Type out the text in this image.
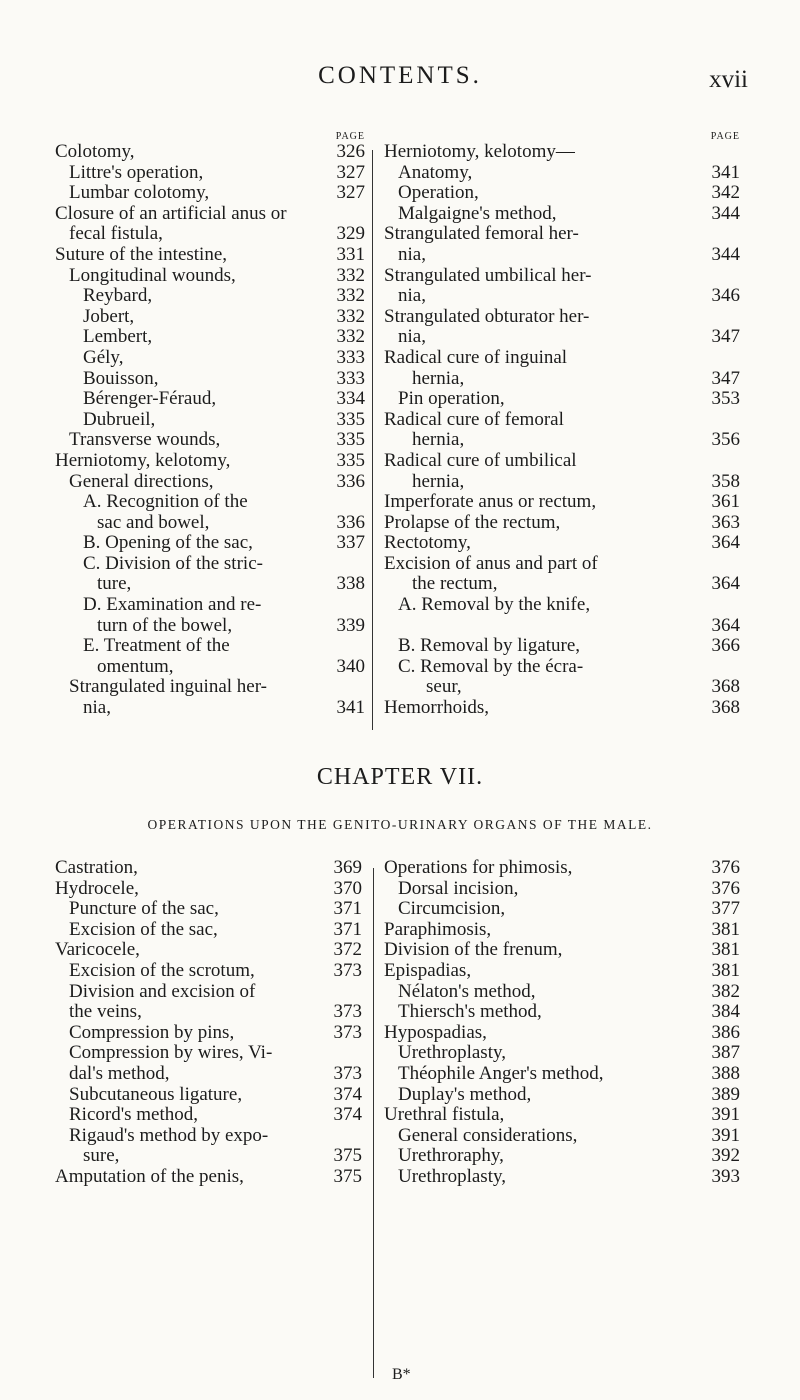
CONTENTS.	xvii
PAGE
Colotomy,	326
Littre's operation,	327
Lumbar colotomy,	327
Closure of an artificial anus or
fecal fistula,	329
Suture of the intestine,	331
Longitudinal wounds,	332
Reybard,	332
Jobert,	332
Lembert,	332
Gély,	333
Bouisson,	333
Bérenger-Féraud,	334
Dubrueil,	335
Transverse wounds,	335
Herniotomy, kelotomy,	335
General directions,	336
A. Recognition of the
sac and bowel,	336
B. Opening of the sac,	337
C. Division of the stric-
ture,	338
D. Examination and re-
turn of the bowel,	339
E. Treatment of the
omentum,	340
Strangulated inguinal her-
nia,	341
PAGE
Herniotomy, kelotomy—
Anatomy,	341
Operation,	342
Malgaigne's method,	344
Strangulated femoral her-
nia,	344
Strangulated umbilical her-
nia,	346
Strangulated obturator her-
nia,	347
Radical cure of inguinal
hernia,	347
Pin operation,	353
Radical cure of femoral
hernia,	356
Radical cure of umbilical
hernia,	358
Imperforate anus or rectum,	361
Prolapse of the rectum,	363
Rectotomy,	364
Excision of anus and part of
the rectum,	364
A. Removal by the knife,
364
B. Removal by ligature,	366
C. Removal by the écra-
seur,	368
Hemorrhoids,	368
CHAPTER VII.
OPERATIONS UPON THE GENITO-URINARY ORGANS OF THE MALE.
Castration,	369
Hydrocele,	370
Puncture of the sac,	371
Excision of the sac,	371
Varicocele,	372
Excision of the scrotum,	373
Division and excision of
the veins,	373
Compression by pins,	373
Compression by wires, Vi-
dal's method,	373
Subcutaneous ligature,	374
Ricord's method,	374
Rigaud's method by expo-
sure,	375
Amputation of the penis,	375
Operations for phimosis,	376
Dorsal incision,	376
Circumcision,	377
Paraphimosis,	381
Division of the frenum,	381
Epispadias,	381
Nélaton's method,	382
Thiersch's method,	384
Hypospadias,	386
Urethroplasty,	387
Théophile Anger's method,	388
Duplay's method,	389
Urethral fistula,	391
General considerations,	391
Urethroraphy,	392
Urethroplasty,	393
B*
